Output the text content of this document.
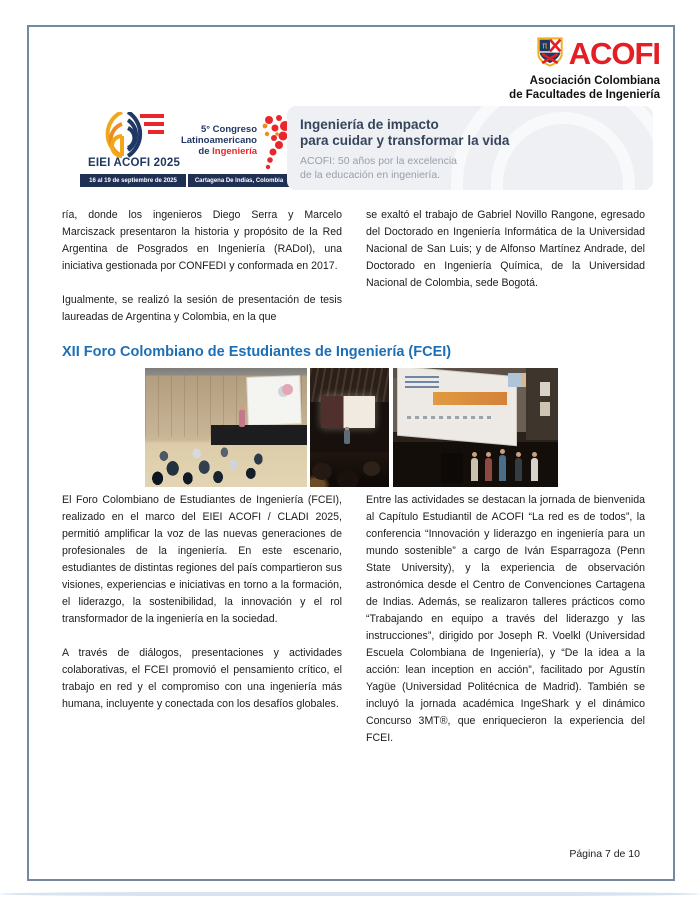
π ACOFI
Asociación Colombiana
de Facultades de Ingeniería
EIEI ACOFI 2025
5° Congreso
Latinoamericano
de Ingeniería
16 al 19 de septiembre de 2025	Cartagena De Indias, Colombia
Ingeniería de impacto
para cuidar y transformar la vida
ACOFI: 50 años por la excelencia
de la educación en ingeniería.

ría, donde los ingenieros Diego Serra y Marcelo Marciszack presentaron la historia y propósito de la Red Argentina de Posgrados en Ingeniería (RADoI), una iniciativa gestionada por CONFEDI y conformada en 2017.

Igualmente, se realizó la sesión de presentación de tesis laureadas de Argentina y Colombia, en la que

se exaltó el trabajo de Gabriel Novillo Rangone, egresado del Doctorado en Ingeniería Informática de la Universidad Nacional de San Luis; y de Alfonso Martínez Andrade, del Doctorado en Ingeniería Química, de la Universidad Nacional de Colombia, sede Bogotá.

XII Foro Colombiano de Estudiantes de Ingeniería (FCEI)

El Foro Colombiano de Estudiantes de Ingeniería (FCEI), realizado en el marco del EIEI ACOFI / CLADI 2025, permitió amplificar la voz de las nuevas generaciones de profesionales de la ingeniería. En este escenario, estudiantes de distintas regiones del país compartieron sus visiones, experiencias e iniciativas en torno a la formación, el liderazgo, la sostenibilidad, la innovación y el rol transformador de la ingeniería en la sociedad.

A través de diálogos, presentaciones y actividades colaborativas, el FCEI promovió el pensamiento crítico, el trabajo en red y el compromiso con una ingeniería más humana, incluyente y conectada con los desafíos globales.

Entre las actividades se destacan la jornada de bienvenida al Capítulo Estudiantil de ACOFI “La red es de todos”, la conferencia “Innovación y liderazgo en ingeniería para un mundo sostenible” a cargo de Iván Esparragoza (Penn State University), y la experiencia de observación astronómica desde el Centro de Convenciones Cartagena de Indias. Además, se realizaron talleres prácticos como “Trabajando en equipo a través del liderazgo y las instrucciones”, dirigido por Joseph R. Voelkl (Universidad Escuela Colombiana de Ingeniería), y “De la idea a la acción: lean inception en acción”, facilitado por Agustín Yagüe (Universidad Politécnica de Madrid). También se incluyó la jornada académica IngeShark y el dinámico Concurso 3MT®, que enriquecieron la experiencia del FCEI.

Página 7 de 10
